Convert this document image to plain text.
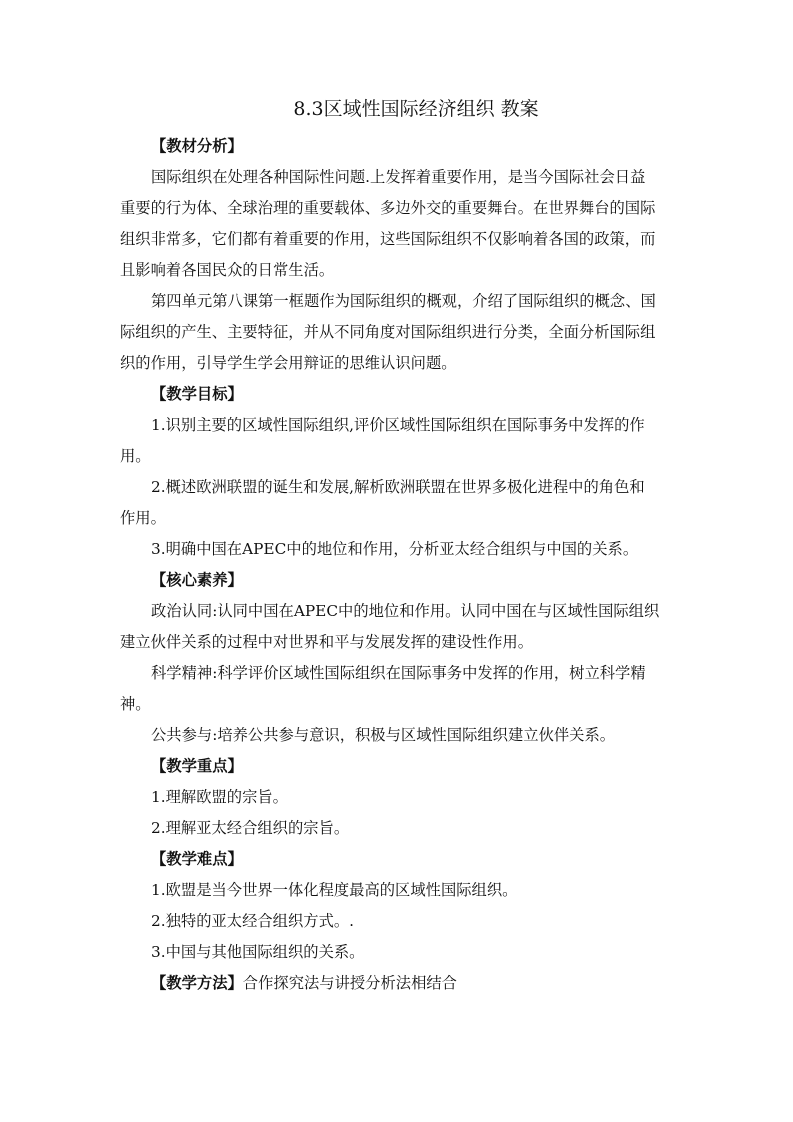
8.3区域性国际经济组织 教案

【教材分析】

国际组织在处理各种国际性问题.上发挥着重要作用，是当今国际社会日益

重要的行为体、全球治理的重要载体、多边外交的重要舞台。在世界舞台的国际

组织非常多，它们都有着重要的作用，这些国际组织不仅影响着各国的政策，而

且影响着各国民众的日常生活。

第四单元第八课第一框题作为国际组织的概观，介绍了国际组织的概念、国

际组织的产生、主要特征，并从不同角度对国际组织进行分类，全面分析国际组

织的作用，引导学生学会用辩证的思维认识问题。

【教学目标】

1.识别主要的区域性国际组织,评价区域性国际组织在国际事务中发挥的作

用。

2.概述欧洲联盟的诞生和发展,解析欧洲联盟在世界多极化进程中的角色和

作用。

3.明确中国在APEC中的地位和作用，分析亚太经合组织与中国的关系。

【核心素养】

政治认同:认同中国在APEC中的地位和作用。认同中国在与区域性国际组织

建立伙伴关系的过程中对世界和平与发展发挥的建设性作用。

科学精神:科学评价区域性国际组织在国际事务中发挥的作用，树立科学精

神。

公共参与:培养公共参与意识，积极与区域性国际组织建立伙伴关系。

【教学重点】

1.理解欧盟的宗旨。

2.理解亚太经合组织的宗旨。

【教学难点】

1.欧盟是当今世界一体化程度最高的区域性国际组织。

2.独特的亚太经合组织方式。.

3.中国与其他国际组织的关系。

【教学方法】合作探究法与讲授分析法相结合
